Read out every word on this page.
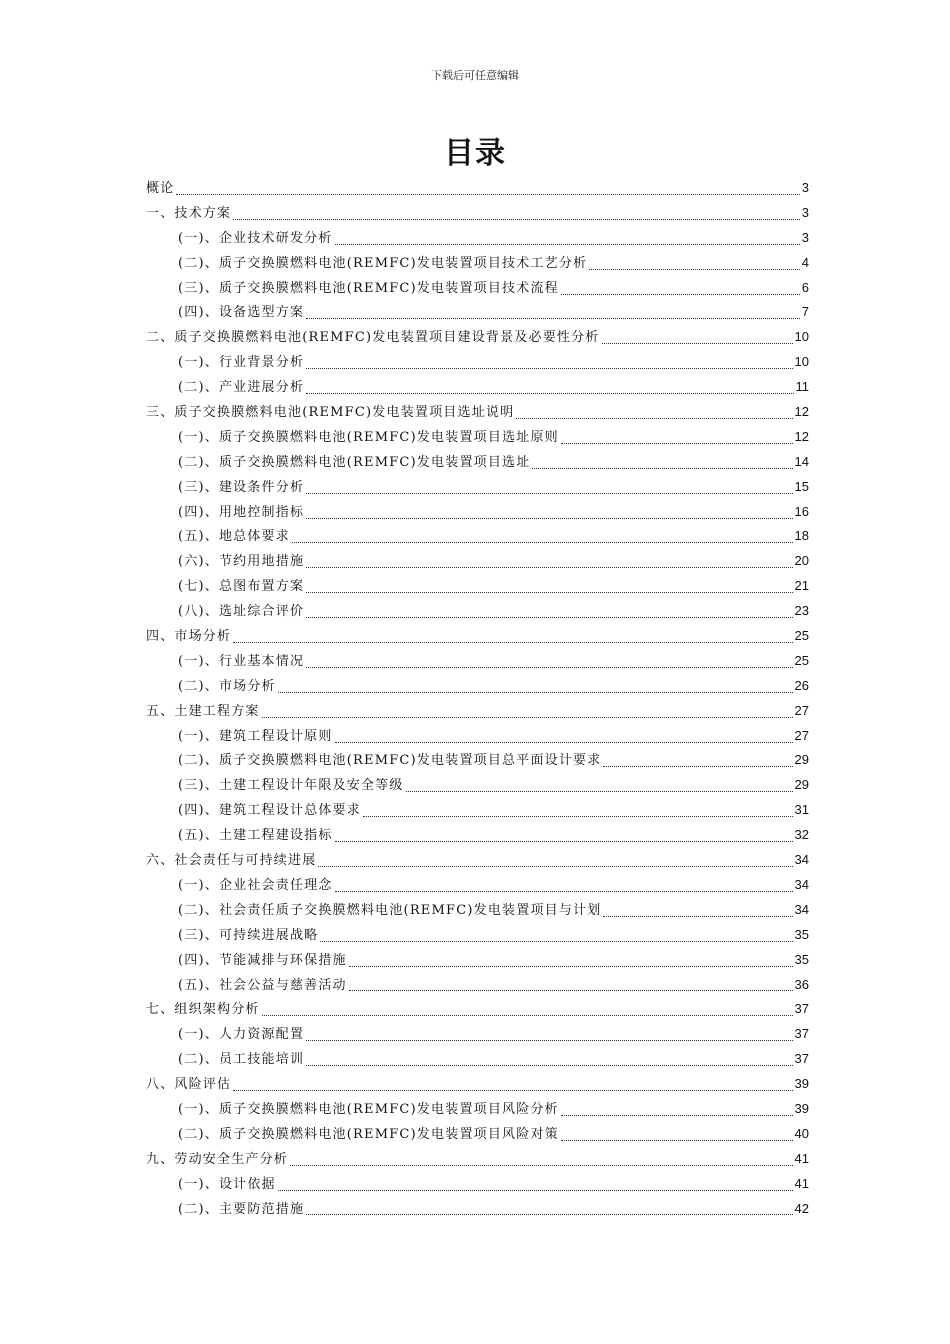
下载后可任意编辑
目录
概论	3
一、技术方案	3
(一)、企业技术研发分析	3
(二)、质子交换膜燃料电池(REMFC)发电装置项目技术工艺分析	4
(三)、质子交换膜燃料电池(REMFC)发电装置项目技术流程	6
(四)、设备选型方案	7
二、质子交换膜燃料电池(REMFC)发电装置项目建设背景及必要性分析	10
(一)、行业背景分析	10
(二)、产业进展分析	11
三、质子交换膜燃料电池(REMFC)发电装置项目选址说明	12
(一)、质子交换膜燃料电池(REMFC)发电装置项目选址原则	12
(二)、质子交换膜燃料电池(REMFC)发电装置项目选址	14
(三)、建设条件分析	15
(四)、用地控制指标	16
(五)、地总体要求	18
(六)、节约用地措施	20
(七)、总图布置方案	21
(八)、选址综合评价	23
四、市场分析	25
(一)、行业基本情况	25
(二)、市场分析	26
五、土建工程方案	27
(一)、建筑工程设计原则	27
(二)、质子交换膜燃料电池(REMFC)发电装置项目总平面设计要求	29
(三)、土建工程设计年限及安全等级	29
(四)、建筑工程设计总体要求	31
(五)、土建工程建设指标	32
六、社会责任与可持续进展	34
(一)、企业社会责任理念	34
(二)、社会责任质子交换膜燃料电池(REMFC)发电装置项目与计划	34
(三)、可持续进展战略	35
(四)、节能减排与环保措施	35
(五)、社会公益与慈善活动	36
七、组织架构分析	37
(一)、人力资源配置	37
(二)、员工技能培训	37
八、风险评估	39
(一)、质子交换膜燃料电池(REMFC)发电装置项目风险分析	39
(二)、质子交换膜燃料电池(REMFC)发电装置项目风险对策	40
九、劳动安全生产分析	41
(一)、设计依据	41
(二)、主要防范措施	42
